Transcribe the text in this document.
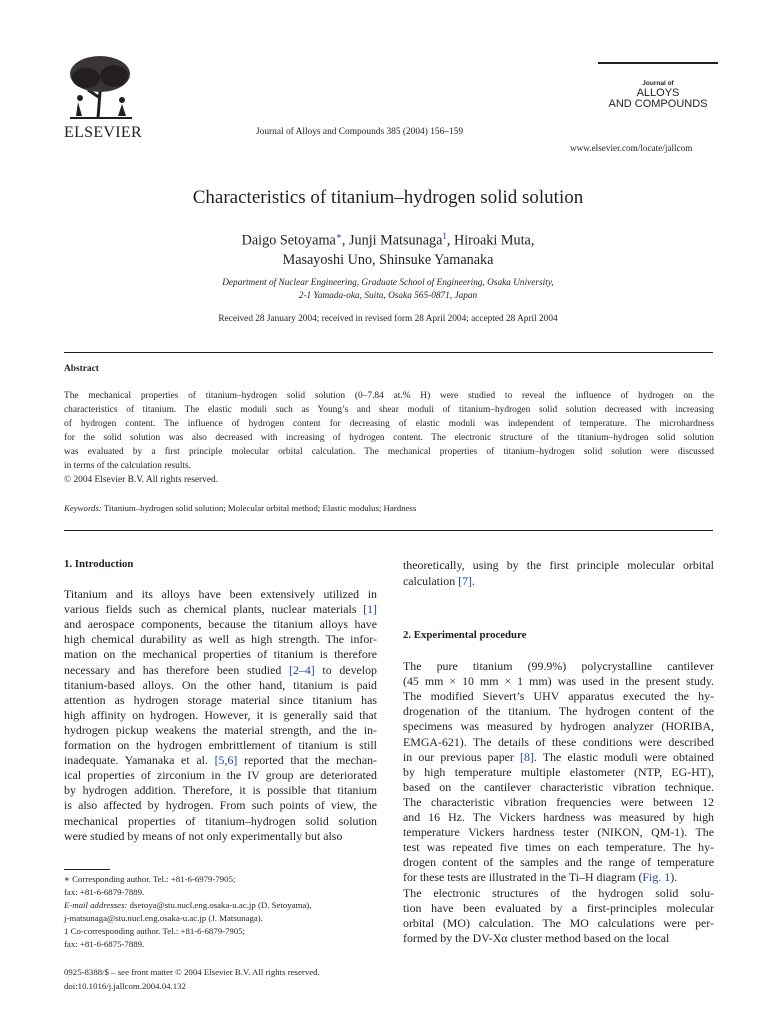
ELSEVIER	Journal of Alloys and Compounds 385 (2004) 156–159
Journal of
ALLOYS
AND COMPOUNDS
www.elsevier.com/locate/jallcom
Characteristics of titanium–hydrogen solid solution
Daigo Setoyama∗, Junji Matsunaga$^1$, Hiroaki Muta,
Masayoshi Uno, Shinsuke Yamanaka
Department of Nuclear Engineering, Graduate School of Engineering, Osaka University,
2-1 Yamada-oka, Suita, Osaka 565-0871, Japan
Received 28 January 2004; received in revised form 28 April 2004; accepted 28 April 2004
Abstract
The mechanical properties of titanium–hydrogen solid solution (0–7.84 at.% H) were studied to reveal the influence of hydrogen on the
characteristics of titanium. The elastic moduli such as Young’s and shear moduli of titanium–hydrogen solid solution decreased with increasing
of hydrogen content. The influence of hydrogen content for decreasing of elastic moduli was independent of temperature. The microhardness
for the solid solution was also decreased with increasing of hydrogen content. The electronic structure of the titanium–hydrogen solid solution
was evaluated by a first principle molecular orbital calculation. The mechanical properties of titanium–hydrogen solid solution were discussed
in terms of the calculation results.
© 2004 Elsevier B.V. All rights reserved.
Keywords: Titanium–hydrogen solid solution; Molecular orbital method; Elastic modulus; Hardness
1. Introduction
Titanium and its alloys have been extensively utilized in
various fields such as chemical plants, nuclear materials [1]
and aerospace components, because the titanium alloys have
high chemical durability as well as high strength. The infor-
mation on the mechanical properties of titanium is therefore
necessary and has therefore been studied [2–4] to develop
titanium-based alloys. On the other hand, titanium is paid
attention as hydrogen storage material since titanium has
high affinity on hydrogen. However, it is generally said that
hydrogen pickup weakens the material strength, and the in-
formation on the hydrogen embrittlement of titanium is still
inadequate. Yamanaka et al. [5,6] reported that the mechan-
ical properties of zirconium in the IV group are deteriorated
by hydrogen addition. Therefore, it is possible that titanium
is also affected by hydrogen. From such points of view, the
mechanical properties of titanium–hydrogen solid solution
were studied by means of not only experimentally but also
∗ Corresponding author. Tel.: +81-6-6979-7905;
fax: +81-6-6879-7889.
E-mail addresses: dsetoya@stu.nucl.eng.osaka-u.ac.jp (D. Setoyama),
j-matsunaga@stu.nucl.eng.osaka-u.ac.jp (J. Matsunaga).
1 Co-corresponding author. Tel.: +81-6-6879-7905;
fax: +81-6-6875-7889.
0925-8388/$ – see front matter © 2004 Elsevier B.V. All rights reserved.
doi:10.1016/j.jallcom.2004.04.132
theoretically, using by the first principle molecular orbital
calculation [7].
2. Experimental procedure
The pure titanium (99.9%) polycrystalline cantilever
(45 mm × 10 mm × 1 mm) was used in the present study.
The modified Sievert’s UHV apparatus executed the hy-
drogenation of the titanium. The hydrogen content of the
specimens was measured by hydrogen analyzer (HORIBA,
EMGA-621). The details of these conditions were described
in our previous paper [8]. The elastic moduli were obtained
by high temperature multiple elastometer (NTP, EG-HT),
based on the cantilever characteristic vibration technique.
The characteristic vibration frequencies were between 12
and 16 Hz. The Vickers hardness was measured by high
temperature Vickers hardness tester (NIKON, QM-1). The
test was repeated five times on each temperature. The hy-
drogen content of the samples and the range of temperature
for these tests are illustrated in the Ti–H diagram (Fig. 1).
The electronic structures of the hydrogen solid solu-
tion have been evaluated by a first-principles molecular
orbital (MO) calculation. The MO calculations were per-
formed by the DV-Xα cluster method based on the local
